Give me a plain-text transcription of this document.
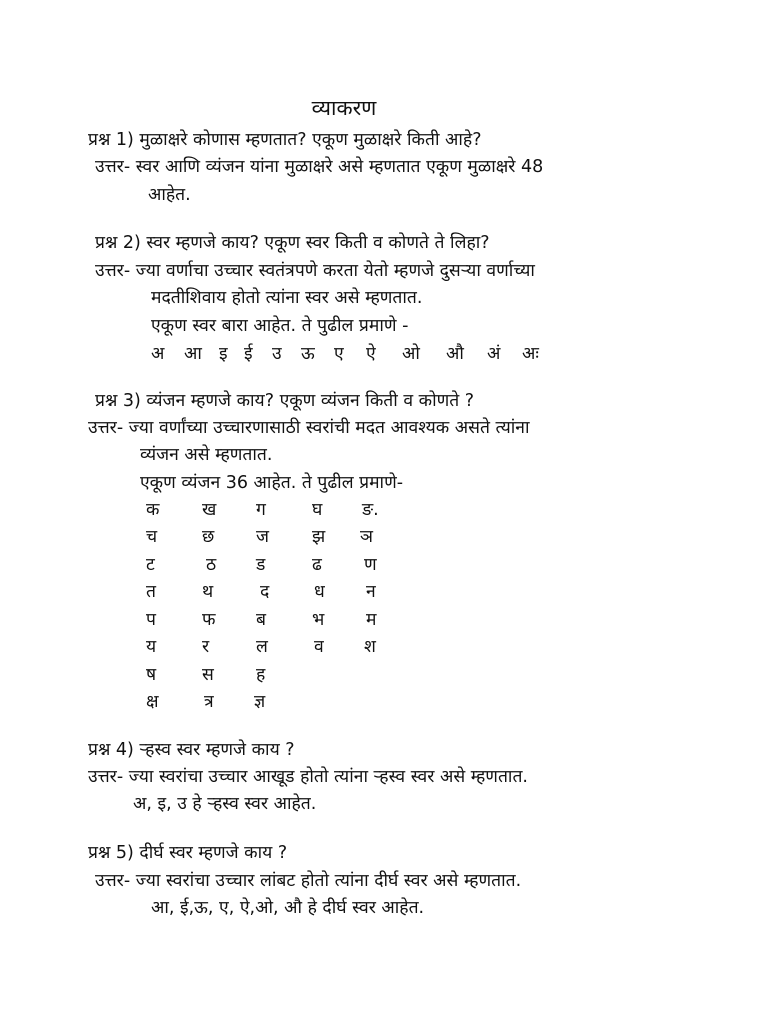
व्याकरण
प्रश्न 1) मुळाक्षरे कोणास म्हणतात? एकूण मुळाक्षरे किती आहे?
उत्तर- स्वर आणि व्यंजन यांना मुळाक्षरे असे म्हणतात एकूण मुळाक्षरे 48
आहेत.
प्रश्न 2) स्वर म्हणजे काय? एकूण स्वर किती व कोणते ते लिहा?
उत्तर- ज्या वर्णाचा उच्चार स्वतंत्रपणे करता येतो म्हणजे दुसऱ्या वर्णाच्या
मदतीशिवाय होतो त्यांना स्वर असे म्हणतात.
एकूण स्वर बारा आहेत. ते पुढील प्रमाणे -
अ आ इ ई उ ऊ ए ऐ ओ औ अं अः
प्रश्न 3) व्यंजन म्हणजे काय? एकूण व्यंजन किती व कोणते ?
उत्तर- ज्या वर्णांच्या उच्चारणासाठी स्वरांची मदत आवश्यक असते त्यांना
व्यंजन असे म्हणतात.
एकूण व्यंजन 36 आहेत. ते पुढील प्रमाणे-
क ख ग	घ ङ.
च	छ ज झ ञ
ट	ठ ड	ढ ण
त	थ	द	ध न
प	फ ब	भ म
य	र	ल	व श
ष	स ह
क्ष	त्र ज्ञ
प्रश्न 4) ऱ्हस्व स्वर म्हणजे काय ?
उत्तर- ज्या स्वरांचा उच्चार आखूड होतो त्यांना ऱ्हस्व स्वर असे म्हणतात.
अ, इ, उ हे ऱ्हस्व स्वर आहेत.
प्रश्न 5) दीर्घ स्वर म्हणजे काय ?
उत्तर- ज्या स्वरांचा उच्चार लांबट होतो त्यांना दीर्घ स्वर असे म्हणतात.
आ, ई,ऊ, ए, ऐ,ओ, औ हे दीर्घ स्वर आहेत.
